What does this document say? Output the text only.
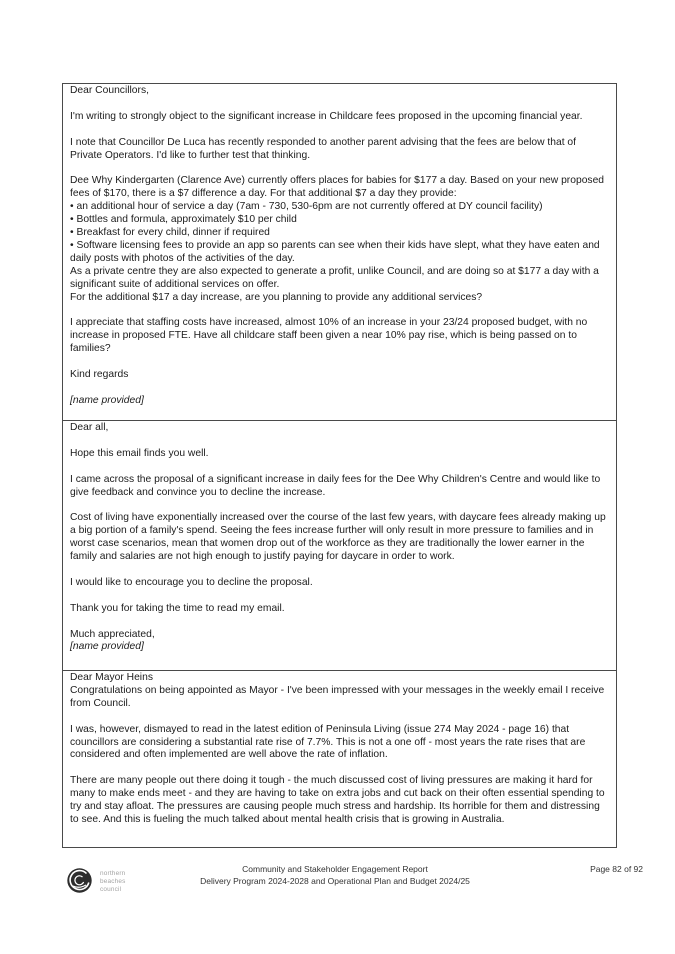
Dear Councillors,

I'm writing to strongly object to the significant increase in Childcare fees proposed in the upcoming financial year.

I note that Councillor De Luca has recently responded to another parent advising that the fees are below that of Private Operators. I'd like to further test that thinking.

Dee Why Kindergarten (Clarence Ave) currently offers places for babies for $177 a day. Based on your new proposed fees of $170, there is a $7 difference a day. For that additional $7 a day they provide:
• an additional hour of service a day (7am - 730, 530-6pm are not currently offered at DY council facility)
• Bottles and formula, approximately $10 per child
• Breakfast for every child, dinner if required
• Software licensing fees to provide an app so parents can see when their kids have slept, what they have eaten and daily posts with photos of the activities of the day.
As a private centre they are also expected to generate a profit, unlike Council, and are doing so at $177 a day with a significant suite of additional services on offer.
For the additional $17 a day increase, are you planning to provide any additional services?

I appreciate that staffing costs have increased, almost 10% of an increase in your 23/24 proposed budget, with no increase in proposed FTE. Have all childcare staff been given a near 10% pay rise, which is being passed on to families?

Kind regards

[name provided]
Dear all,

Hope this email finds you well.

I came across the proposal of a significant increase in daily fees for the Dee Why Children's Centre and would like to give feedback and convince you to decline the increase.

Cost of living have exponentially increased over the course of the last few years, with daycare fees already making up a big portion of a family's spend. Seeing the fees increase further will only result in more pressure to families and in worst case scenarios, mean that women drop out of the workforce as they are traditionally the lower earner in the family and salaries are not high enough to justify paying for daycare in order to work.

I would like to encourage you to decline the proposal.

Thank you for taking the time to read my email.

Much appreciated,
[name provided]
Dear Mayor Heins
Congratulations on being appointed as Mayor - I've been impressed with your messages in the weekly email I receive from Council.

I was, however, dismayed to read in the latest edition of Peninsula Living (issue 274 May 2024 - page 16) that councillors are considering a substantial rate rise of 7.7%. This is not a one off - most years the rate rises that are considered and often implemented are well above the rate of inflation.

There are many people out there doing it tough - the much discussed cost of living pressures are making it hard for many to make ends meet - and they are having to take on extra jobs and cut back on their often essential spending to try and stay afloat. The pressures are causing people much stress and hardship. Its horrible for them and distressing to see. And this is fueling the much talked about mental health crisis that is growing in Australia.
northern
beaches
council
Community and Stakeholder Engagement Report
Delivery Program 2024-2028 and Operational Plan and Budget 2024/25
Page 82 of 92
